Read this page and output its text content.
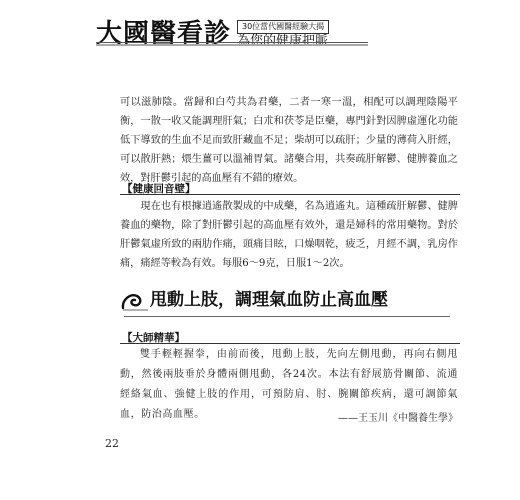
大國醫看診	30位當代國醫經驗大揭
為您的健康把脈
可以滋肺陰。當歸和白芍共為君藥，二者一寒一溫，相配可以調理陰陽平衡，一散一收又能調理肝氣；白朮和茯苓是臣藥，專門針對因脾虛運化功能低下導致的生血不足而致肝藏血不足；柴胡可以疏肝；少量的薄荷入肝經，可以散肝熱；煨生薑可以溫補胃氣。諸藥合用，共奏疏肝解鬱、健脾養血之效，對肝鬱引起的高血壓有不錯的療效。
【健康回音壁】
現在也有根據逍遙散製成的中成藥，名為逍遙丸。這種疏肝解鬱、健脾養血的藥物，除了對肝鬱引起的高血壓有效外，還是婦科的常用藥物。對於肝鬱氣虛所致的兩肋作痛，頭痛目眩，口燥咽乾，疲乏，月經不調，乳房作痛，痛經等較為有效。每服6～9克，日服1～2次。
甩動上肢，調理氣血防止高血壓
【大師精華】
雙手輕輕握拳，由前而後，甩動上肢，先向左側甩動，再向右側甩動，然後兩肢垂於身體兩側甩動，各24次。本法有舒展筋骨關節、流通經絡氣血、強健上肢的作用，可預防肩、肘、腕關節疾病，還可調節氣血，防治高血壓。	——王玉川《中醫養生學》
22
